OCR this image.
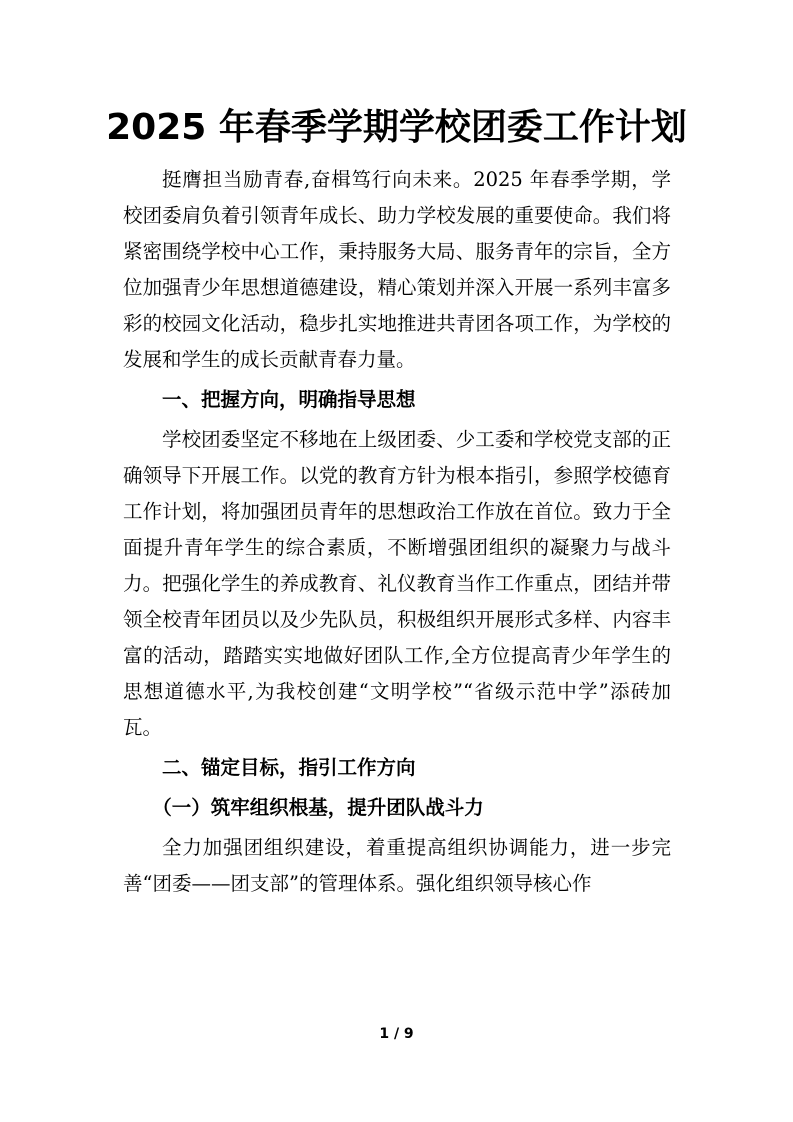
2025 年春季学期学校团委工作计划

挺膺担当励青春,奋楫笃行向未来。2025 年春季学期，学校团委肩负着引领青年成长、助力学校发展的重要使命。我们将紧密围绕学校中心工作，秉持服务大局、服务青年的宗旨，全方位加强青少年思想道德建设，精心策划并深入开展一系列丰富多彩的校园文化活动，稳步扎实地推进共青团各项工作，为学校的发展和学生的成长贡献青春力量。

一、把握方向，明确指导思想

学校团委坚定不移地在上级团委、少工委和学校党支部的正确领导下开展工作。以党的教育方针为根本指引，参照学校德育工作计划，将加强团员青年的思想政治工作放在首位。致力于全面提升青年学生的综合素质，不断增强团组织的凝聚力与战斗力。把强化学生的养成教育、礼仪教育当作工作重点，团结并带领全校青年团员以及少先队员，积极组织开展形式多样、内容丰富的活动，踏踏实实地做好团队工作,全方位提高青少年学生的思想道德水平,为我校创建“文明学校”“省级示范中学”添砖加瓦。

二、锚定目标，指引工作方向

（一）筑牢组织根基，提升团队战斗力

全力加强团组织建设，着重提高组织协调能力，进一步完善“团委——团支部”的管理体系。强化组织领导核心作

1 / 9
